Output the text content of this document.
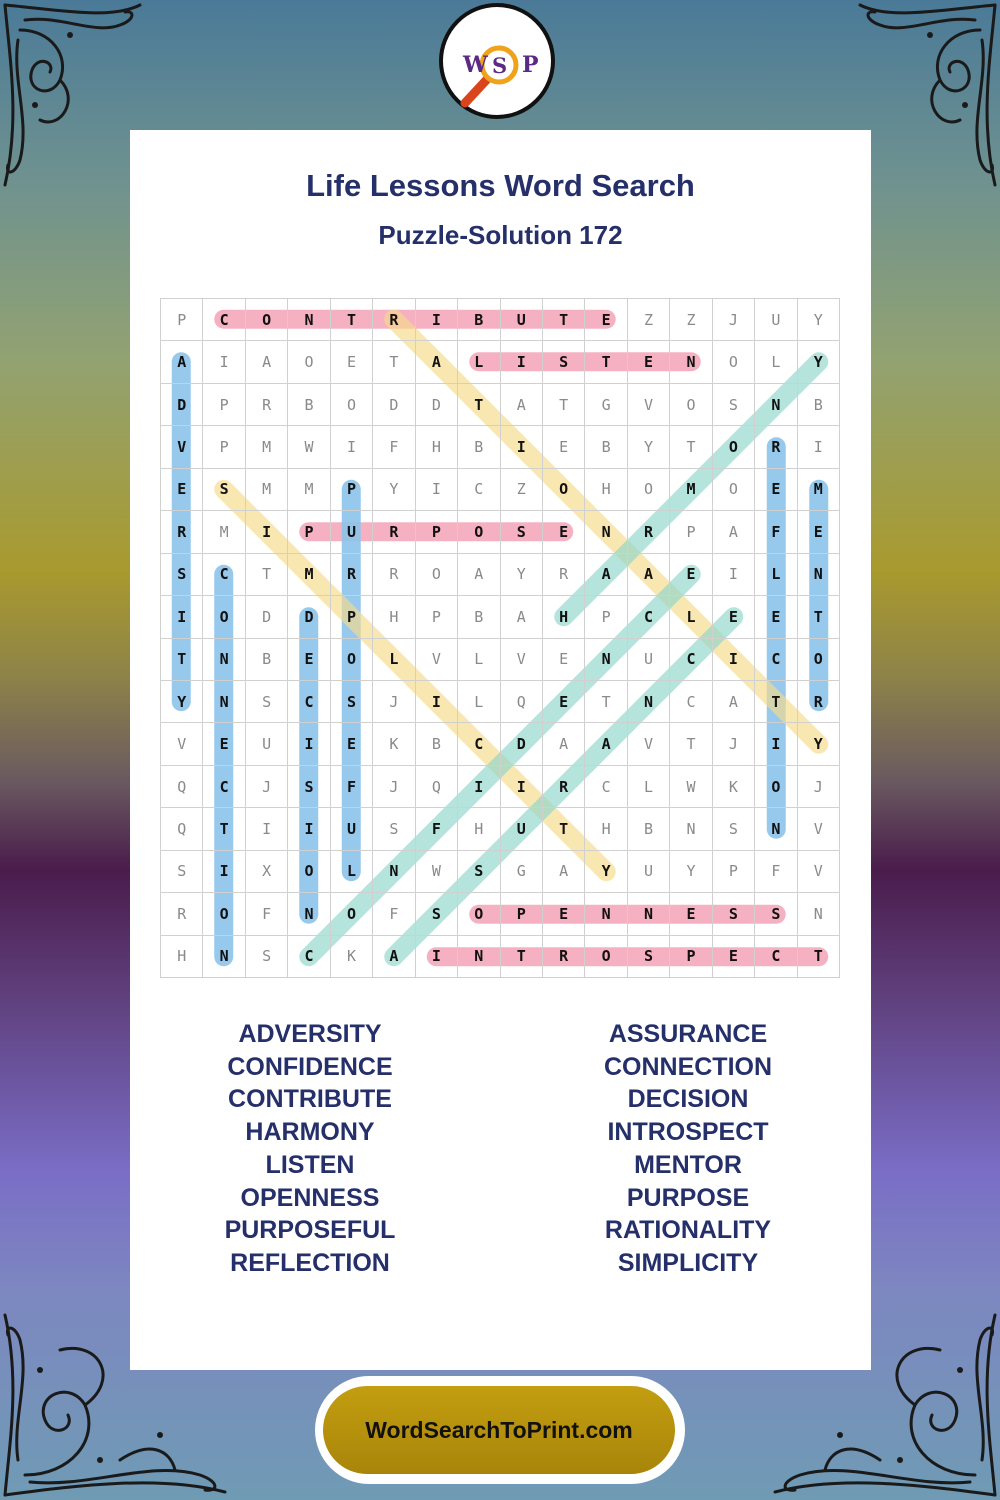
W S P
Life Lessons Word Search
Puzzle-Solution 172
P	C	O	N	T	R	I	B	U	T	E	Z	Z	J	U	Y
A	I	A	O	E	T	A	L	I	S	T	E	N	O	L	Y
D	P	R	B	O	D	D	T	A	T	G	V	O	S	N	B
V	P	M	W	I	F	H	B	I	E	B	Y	T	O	R	I
E	S	M	M	P	Y	I	C	Z	O	H	O	M	O	E	M
R	M	I	P	U	R	P	O	S	E	N	R	P	A	F	E
S	C	T	M	R	R	O	A	Y	R	A	A	E	I	L	N
I	O	D	D	P	H	P	B	A	H	P	C	L	E	E	T
T	N	B	E	O	L	V	L	V	E	N	U	C	I	C	O
Y	N	S	C	S	J	I	L	Q	E	T	N	C	A	T	R
V	E	U	I	E	K	B	C	D	A	A	V	T	J	I	Y
Q	C	J	S	F	J	Q	I	I	R	C	L	W	K	O	J
Q	T	I	I	U	S	F	H	U	T	H	B	N	S	N	V
S	I	X	O	L	N	W	S	G	A	Y	U	Y	P	F	V
R	O	F	N	O	F	S	O	P	E	N	N	E	S	S	N
H	N	S	C	K	A	I	N	T	R	O	S	P	E	C	T
ADVERSITY
CONFIDENCE
CONTRIBUTE
HARMONY
LISTEN
OPENNESS
PURPOSEFUL
REFLECTION
ASSURANCE
CONNECTION
DECISION
INTROSPECT
MENTOR
PURPOSE
RATIONALITY
SIMPLICITY
WordSearchToPrint.com
